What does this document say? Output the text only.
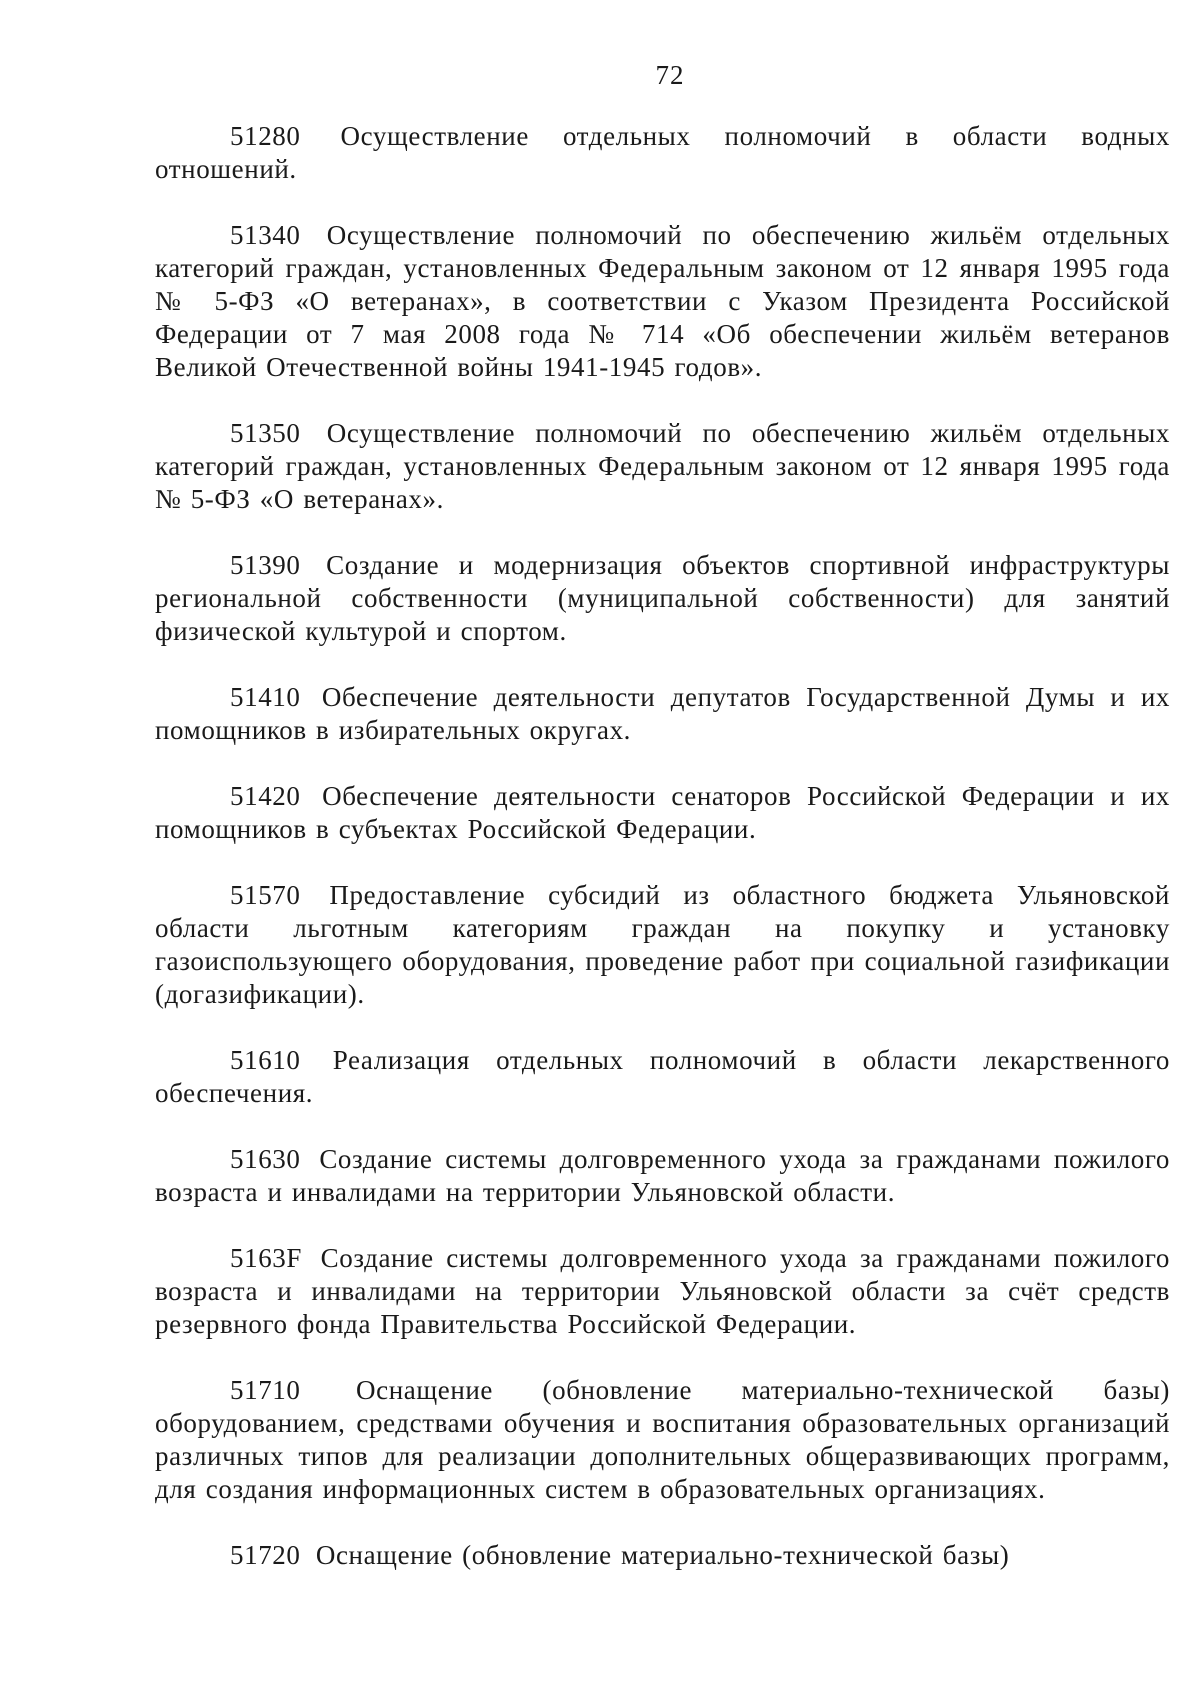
72

51280 Осуществление отдельных полномочий в области водных отношений.

51340 Осуществление полномочий по обеспечению жильём отдельных категорий граждан, установленных Федеральным законом от 12 января 1995 года № 5-ФЗ «О ветеранах», в соответствии с Указом Президента Российской Федерации от 7 мая 2008 года № 714 «Об обеспечении жильём ветеранов Великой Отечественной войны 1941-1945 годов».

51350 Осуществление полномочий по обеспечению жильём отдельных категорий граждан, установленных Федеральным законом от 12 января 1995 года № 5-ФЗ «О ветеранах».

51390 Создание и модернизация объектов спортивной инфраструктуры региональной собственности (муниципальной собственности) для занятий физической культурой и спортом.

51410 Обеспечение деятельности депутатов Государственной Думы и их помощников в избирательных округах.

51420 Обеспечение деятельности сенаторов Российской Федерации и их помощников в субъектах Российской Федерации.

51570 Предоставление субсидий из областного бюджета Ульяновской области льготным категориям граждан на покупку и установку газоиспользующего оборудования, проведение работ при социальной газификации (догазификации).

51610 Реализация отдельных полномочий в области лекарственного обеспечения.

51630 Создание системы долговременного ухода за гражданами пожилого возраста и инвалидами на территории Ульяновской области.

5163F Создание системы долговременного ухода за гражданами пожилого возраста и инвалидами на территории Ульяновской области за счёт средств резервного фонда Правительства Российской Федерации.

51710 Оснащение (обновление материально-технической базы) оборудованием, средствами обучения и воспитания образовательных организаций различных типов для реализации дополнительных общеразвивающих программ, для создания информационных систем в образовательных организациях.

51720 Оснащение (обновление материально-технической базы)
